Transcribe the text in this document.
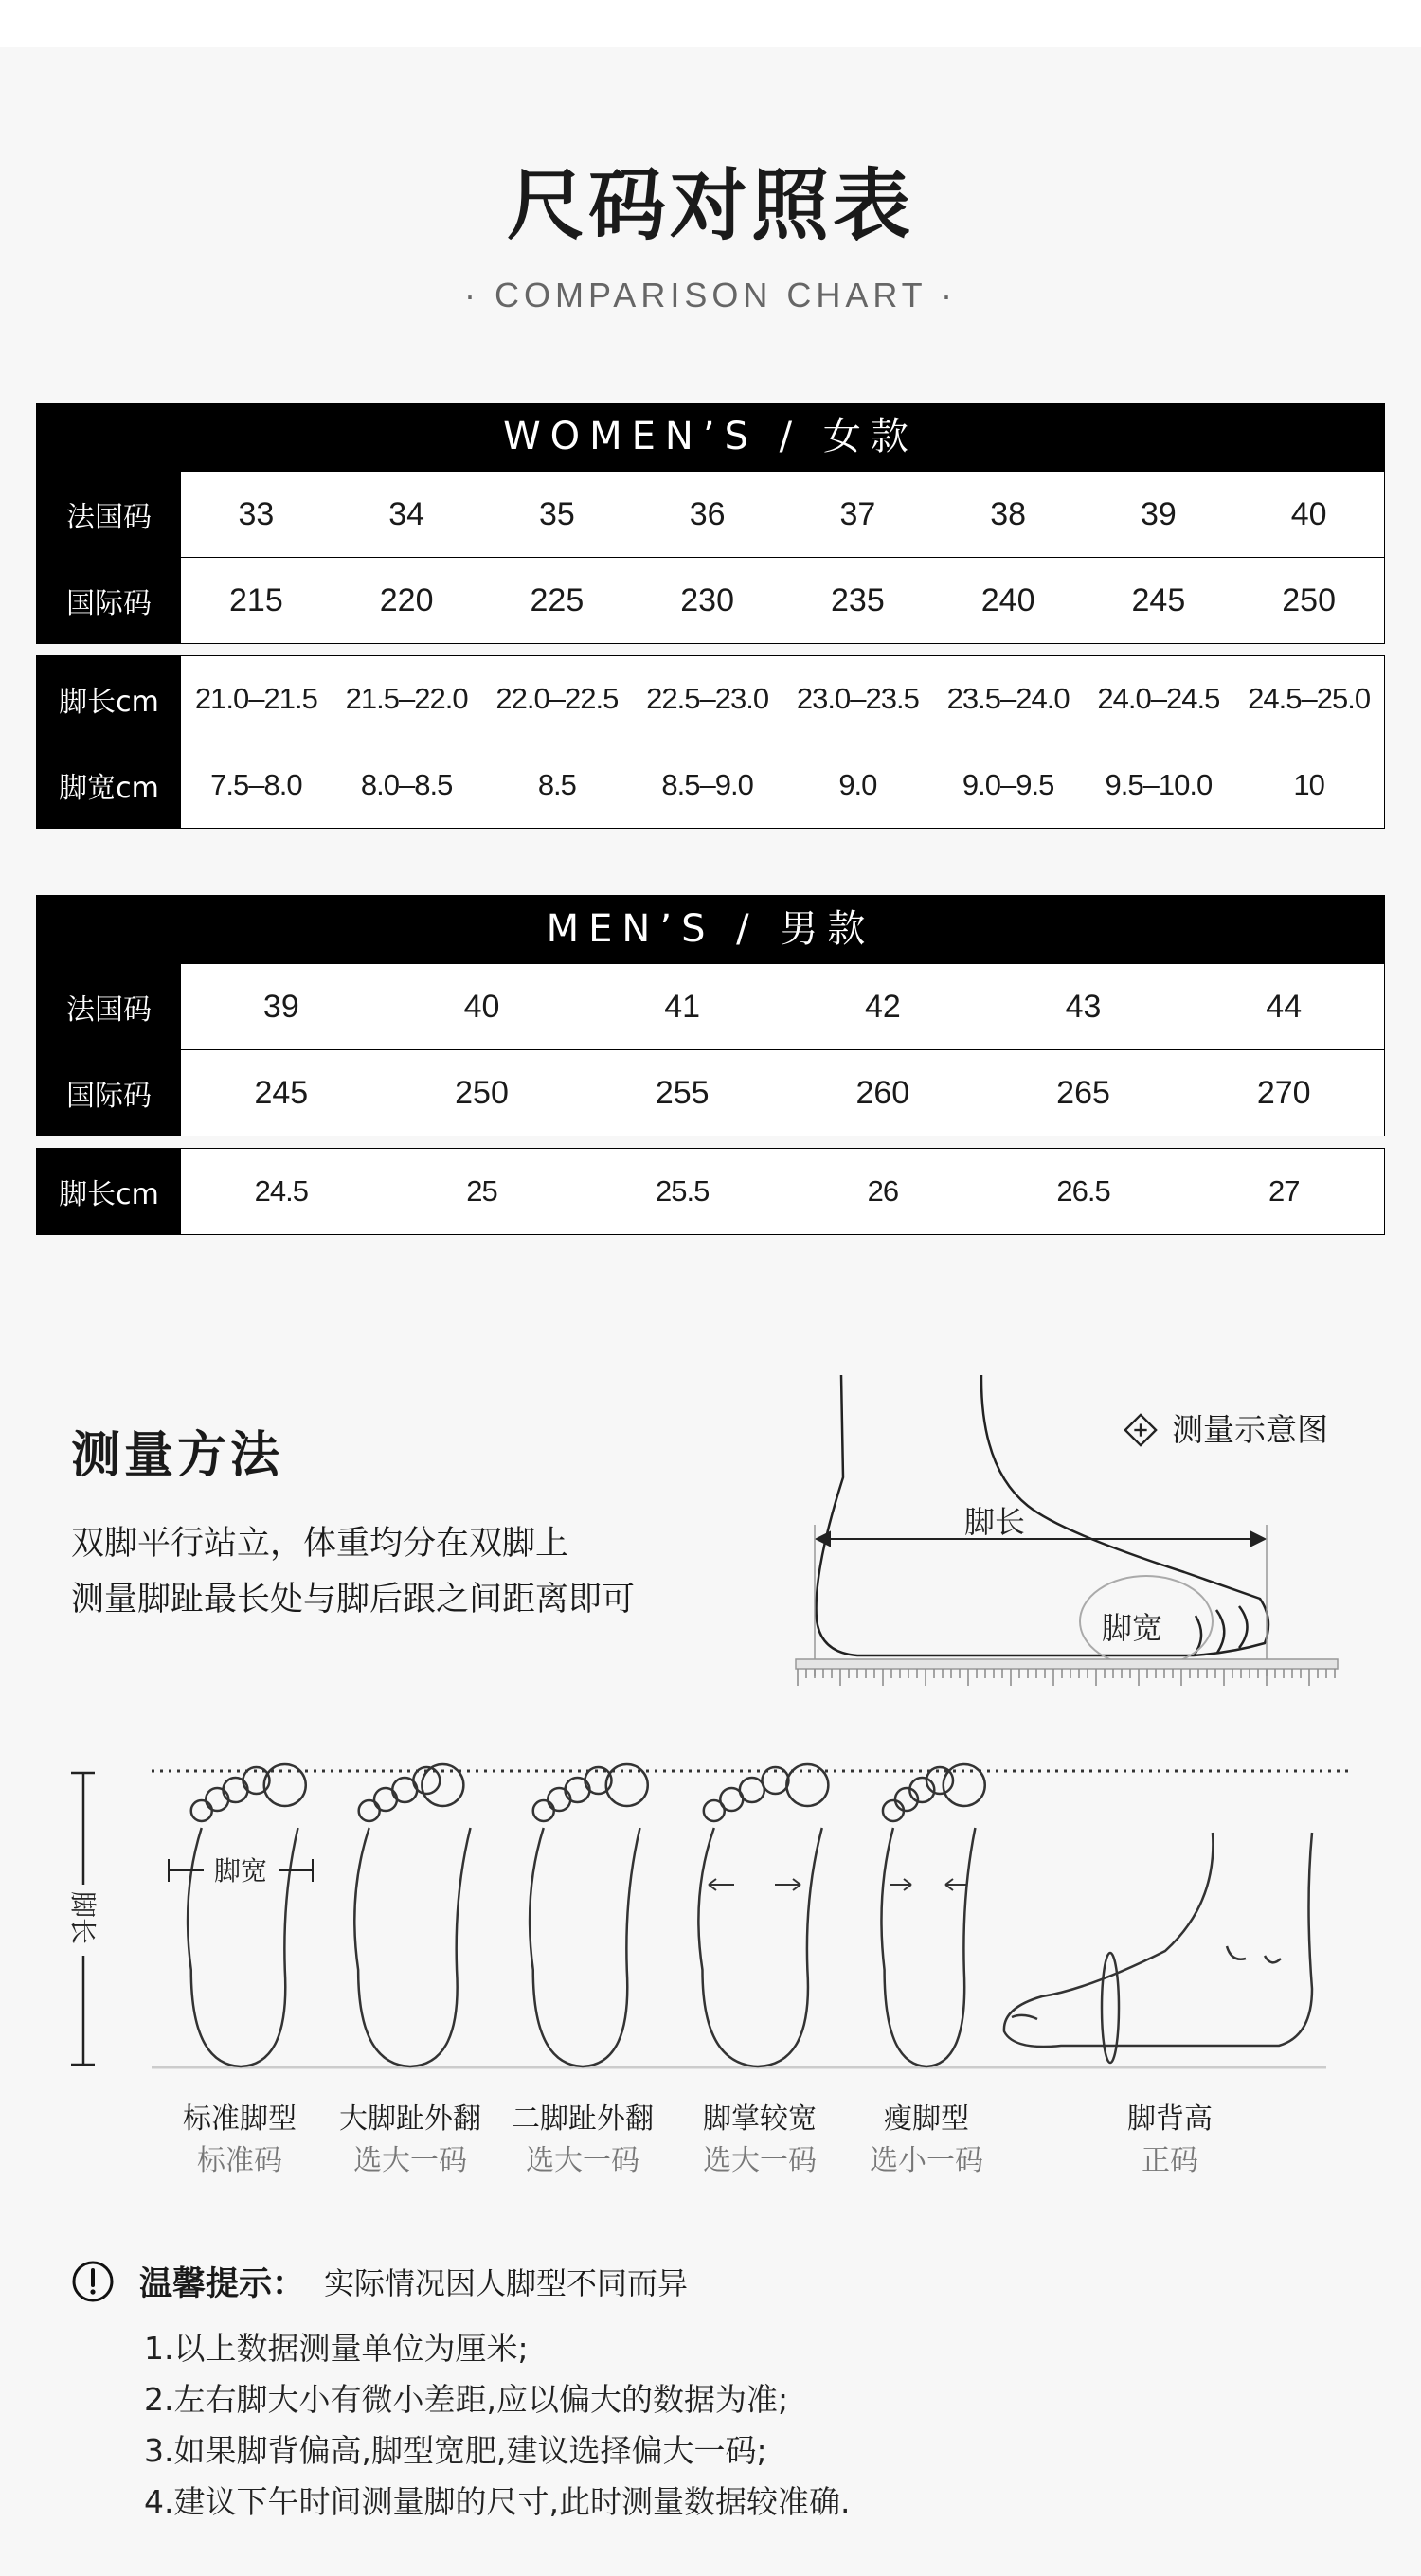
尺码对照表
· COMPARISON CHART ·
WOMEN’S / 女款
法国码	33	34	35	36	37	38	39	40
国际码	215	220	225	230	235	240	245	250
脚长cm	21.0–21.5 21.5–22.0 22.0–22.5 22.5–23.0 23.0–23.5 23.5–24.0 24.0–24.5 24.5–25.0
脚宽cm	7.5–8.0	8.0–8.5	8.5	8.5–9.0	9.0	9.0–9.5	9.5–10.0	10
MEN’S / 男款
法国码	39	40	41	42	43	44
国际码	245	250	255	260	265	270
脚长cm	24.5	25	25.5	26	26.5	27
测量方法
双脚平行站立，体重均分在双脚上
测量脚趾最长处与脚后跟之间距离即可
测量示意图
脚长
脚宽
脚长
脚宽
标准脚型
标准码
大脚趾外翻
选大一码
二脚趾外翻
选大一码
脚掌较宽
选大一码
瘦脚型
选小一码
脚背高
正码
温馨提示： 实际情况因人脚型不同而异
1.以上数据测量单位为厘米;
2.左右脚大小有微小差距,应以偏大的数据为准;
3.如果脚背偏高,脚型宽肥,建议选择偏大一码;
4.建议下午时间测量脚的尺寸,此时测量数据较准确.
